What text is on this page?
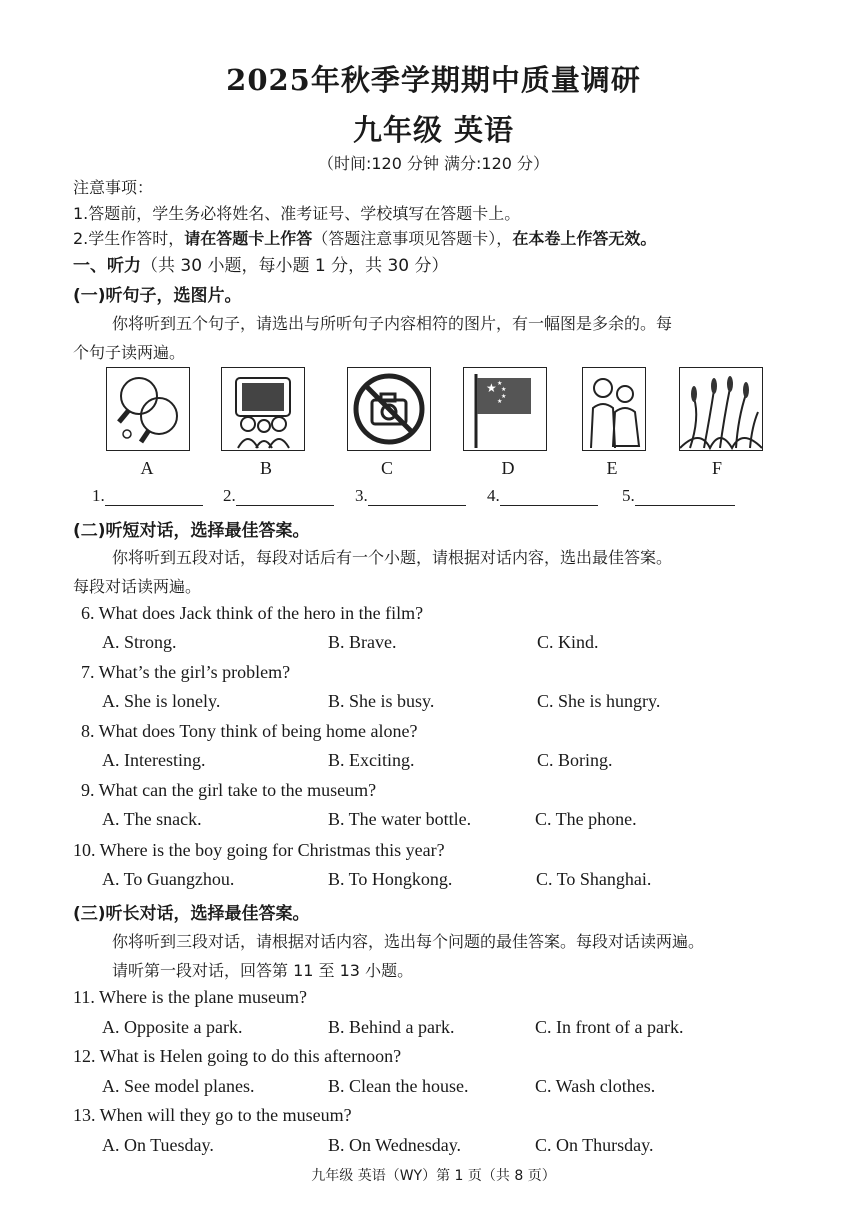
2025年秋季学期期中质量调研
九年级 英语
（时间:120 分钟 满分:120 分）
注意事项：
1.答题前，学生务必将姓名、准考证号、学校填写在答题卡上。
2.学生作答时，请在答题卡上作答（答题注意事项见答题卡），在本卷上作答无效。
一、听力（共 30 小题，每小题 1 分，共 30 分）
(一)听句子，选图片。
你将听到五个句子，请选出与所听句子内容相符的图片，有一幅图是多余的。每
个句子读两遍。
★ ★
★
★
★
A	B	C	D	E	F
1.	2.	3.	4.	5.
(二)听短对话，选择最佳答案。
你将听到五段对话，每段对话后有一个小题，请根据对话内容，选出最佳答案。
每段对话读两遍。
6. What does Jack think of the hero in the film?
A. Strong.	B. Brave.	C. Kind.
7. What’s the girl’s problem?
A. She is lonely.	B. She is busy.	C. She is hungry.
8. What does Tony think of being home alone?
A. Interesting.	B. Exciting.	C. Boring.
9. What can the girl take to the museum?
A. The snack.	B. The water bottle.	C. The phone.
10. Where is the boy going for Christmas this year?
A. To Guangzhou.	B. To Hongkong.	C. To Shanghai.
(三)听长对话，选择最佳答案。
你将听到三段对话，请根据对话内容，选出每个问题的最佳答案。每段对话读两遍。
请听第一段对话，回答第 11 至 13 小题。
11. Where is the plane museum?
A. Opposite a park.	B. Behind a park.	C. In front of a park.
12. What is Helen going to do this afternoon?
A. See model planes.	B. Clean the house.	C. Wash clothes.
13. When will they go to the museum?
A. On Tuesday.	B. On Wednesday.	C. On Thursday.
九年级 英语（WY）第 1 页（共 8 页）
